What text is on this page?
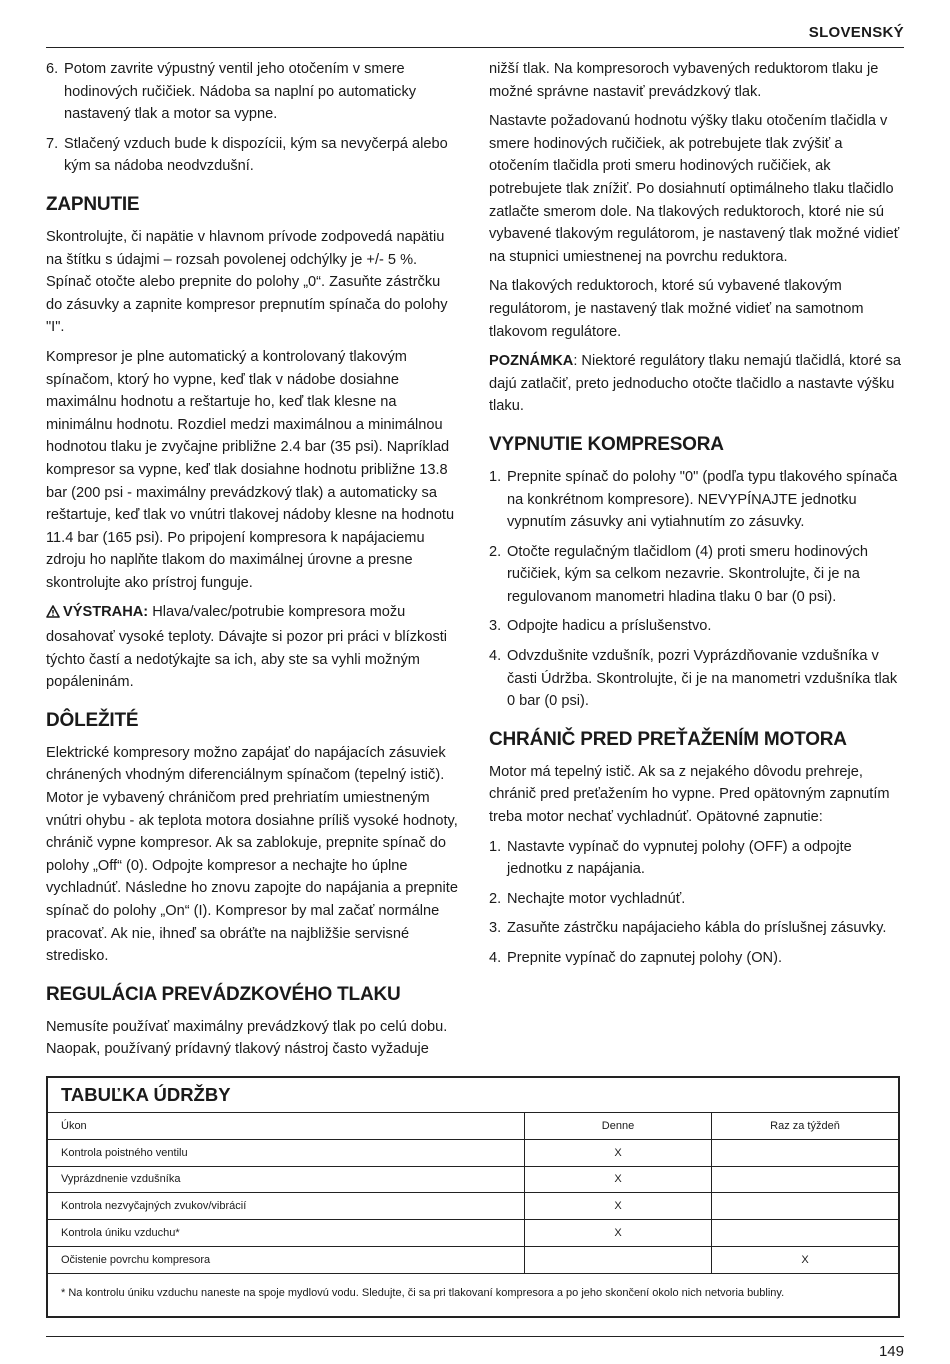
SLOVENSKÝ
6. Potom zavrite výpustný ventil jeho otočením v smere hodinových ručičiek. Nádoba sa naplní po automaticky nastavený tlak a motor sa vypne.
7. Stlačený vzduch bude k dispozícii, kým sa nevyčerpá alebo kým sa nádoba neodvzdušní.
ZAPNUTIE

Skontrolujte, či napätie v hlavnom prívode zodpovedá napätiu na štítku s údajmi – rozsah povolenej odchýlky je +/- 5 %. Spínač otočte alebo prepnite do polohy „0“. Zasuňte zástrčku do zásuvky a zapnite kompresor prepnutím spínača do polohy "I".

Kompresor je plne automatický a kontrolovaný tlakovým spínačom, ktorý ho vypne, keď tlak v nádobe dosiahne maximálnu hodnotu a reštartuje ho, keď tlak klesne na minimálnu hodnotu. Rozdiel medzi maximálnou a minimálnou hodnotou tlaku je zvyčajne približne 2.4 bar (35 psi). Napríklad kompresor sa vypne, keď tlak dosiahne hodnotu približne 13.8 bar (200 psi - maximálny prevádzkový tlak) a automaticky sa reštartuje, keď tlak vo vnútri tlakovej nádoby klesne na hodnotu 11.4 bar (165 psi). Po pripojení kompresora k napájaciemu zdroju ho naplňte tlakom do maximálnej úrovne a presne skontrolujte ako prístroj funguje.

VÝSTRAHA: Hlava/valec/potrubie kompresora možu dosahovať vysoké teploty. Dávajte si pozor pri práci v blízkosti týchto častí a nedotýkajte sa ich, aby ste sa vyhli možným popáleninám.

DÔLEŽITÉ

Elektrické kompresory možno zapájať do napájacích zásuviek chránených vhodným diferenciálnym spínačom (tepelný istič). Motor je vybavený chráničom pred prehriatím umiestneným vnútri ohybu - ak teplota motora dosiahne príliš vysoké hodnoty, chránič vypne kompresor. Ak sa zablokuje, prepnite spínač do polohy „Off“ (0). Odpojte kompresor a nechajte ho úplne vychladnúť. Následne ho znovu zapojte do napájania a prepnite spínač do polohy „On“ (I). Kompresor by mal začať normálne pracovať. Ak nie, ihneď sa obráťte na najbližšie servisné stredisko.

REGULÁCIA PREVÁDZKOVÉHO TLAKU

Nemusíte používať maximálny prevádzkový tlak po celú dobu. Naopak, používaný prídavný tlakový nástroj často vyžaduje

nižší tlak. Na kompresoroch vybavených reduktorom tlaku je možné správne nastaviť prevádzkový tlak.

Nastavte požadovanú hodnotu výšky tlaku otočením tlačidla v smere hodinových ručičiek, ak potrebujete tlak zvýšiť a otočením tlačidla proti smeru hodinových ručičiek, ak potrebujete tlak znížiť. Po dosiahnutí optimálneho tlaku tlačidlo zatlačte smerom dole. Na tlakových reduktoroch, ktoré nie sú vybavené tlakovým regulátorom, je nastavený tlak možné vidieť na stupnici umiestnenej na povrchu reduktora.

Na tlakových reduktoroch, ktoré sú vybavené tlakovým regulátorom, je nastavený tlak možné vidieť na samotnom tlakovom regulátore.

POZNÁMKA: Niektoré regulátory tlaku nemajú tlačidlá, ktoré sa dajú zatlačiť, preto jednoducho otočte tlačidlo a nastavte výšku tlaku.

VYPNUTIE KOMPRESORA
1. Prepnite spínač do polohy "0" (podľa typu tlakového spínača na konkrétnom kompresore). NEVYPÍNAJTE jednotku vypnutím zásuvky ani vytiahnutím zo zásuvky.
2. Otočte regulačným tlačidlom (4) proti smeru hodinových ručičiek, kým sa celkom nezavrie. Skontrolujte, či je na regulovanom manometri hladina tlaku 0 bar (0 psi).
3. Odpojte hadicu a príslušenstvo.
4. Odvzdušnite vzdušník, pozri Vyprázdňovanie vzdušníka v časti Údržba. Skontrolujte, či je na manometri vzdušníka tlak 0 bar (0 psi).
CHRÁNIČ PRED PREŤAŽENÍM MOTORA

Motor má tepelný istič. Ak sa z nejakého dôvodu prehreje, chránič pred preťažením ho vypne. Pred opätovným zapnutím treba motor nechať vychladnúť. Opätovné zapnutie:

1. Nastavte vypínač do vypnutej polohy (OFF) a odpojte jednotku z napájania.
2. Nechajte motor vychladnúť.
3. Zasuňte zástrčku napájacieho kábla do príslušnej zásuvky.
4. Prepnite vypínač do zapnutej polohy (ON).
TABUĽKA ÚDRŽBY
Úkon	Denne	Raz za týždeň
Kontrola poistného ventilu	X	
Vyprázdnenie vzdušníka	X	
Kontrola nezvyčajných zvukov/vibrácií	X	
Kontrola úniku vzduchu*	X	
Očistenie povrchu kompresora		X
* Na kontrolu úniku vzduchu naneste na spoje mydlovú vodu. Sledujte, či sa pri tlakovaní kompresora a po jeho skončení okolo nich netvoria bubliny.
149
